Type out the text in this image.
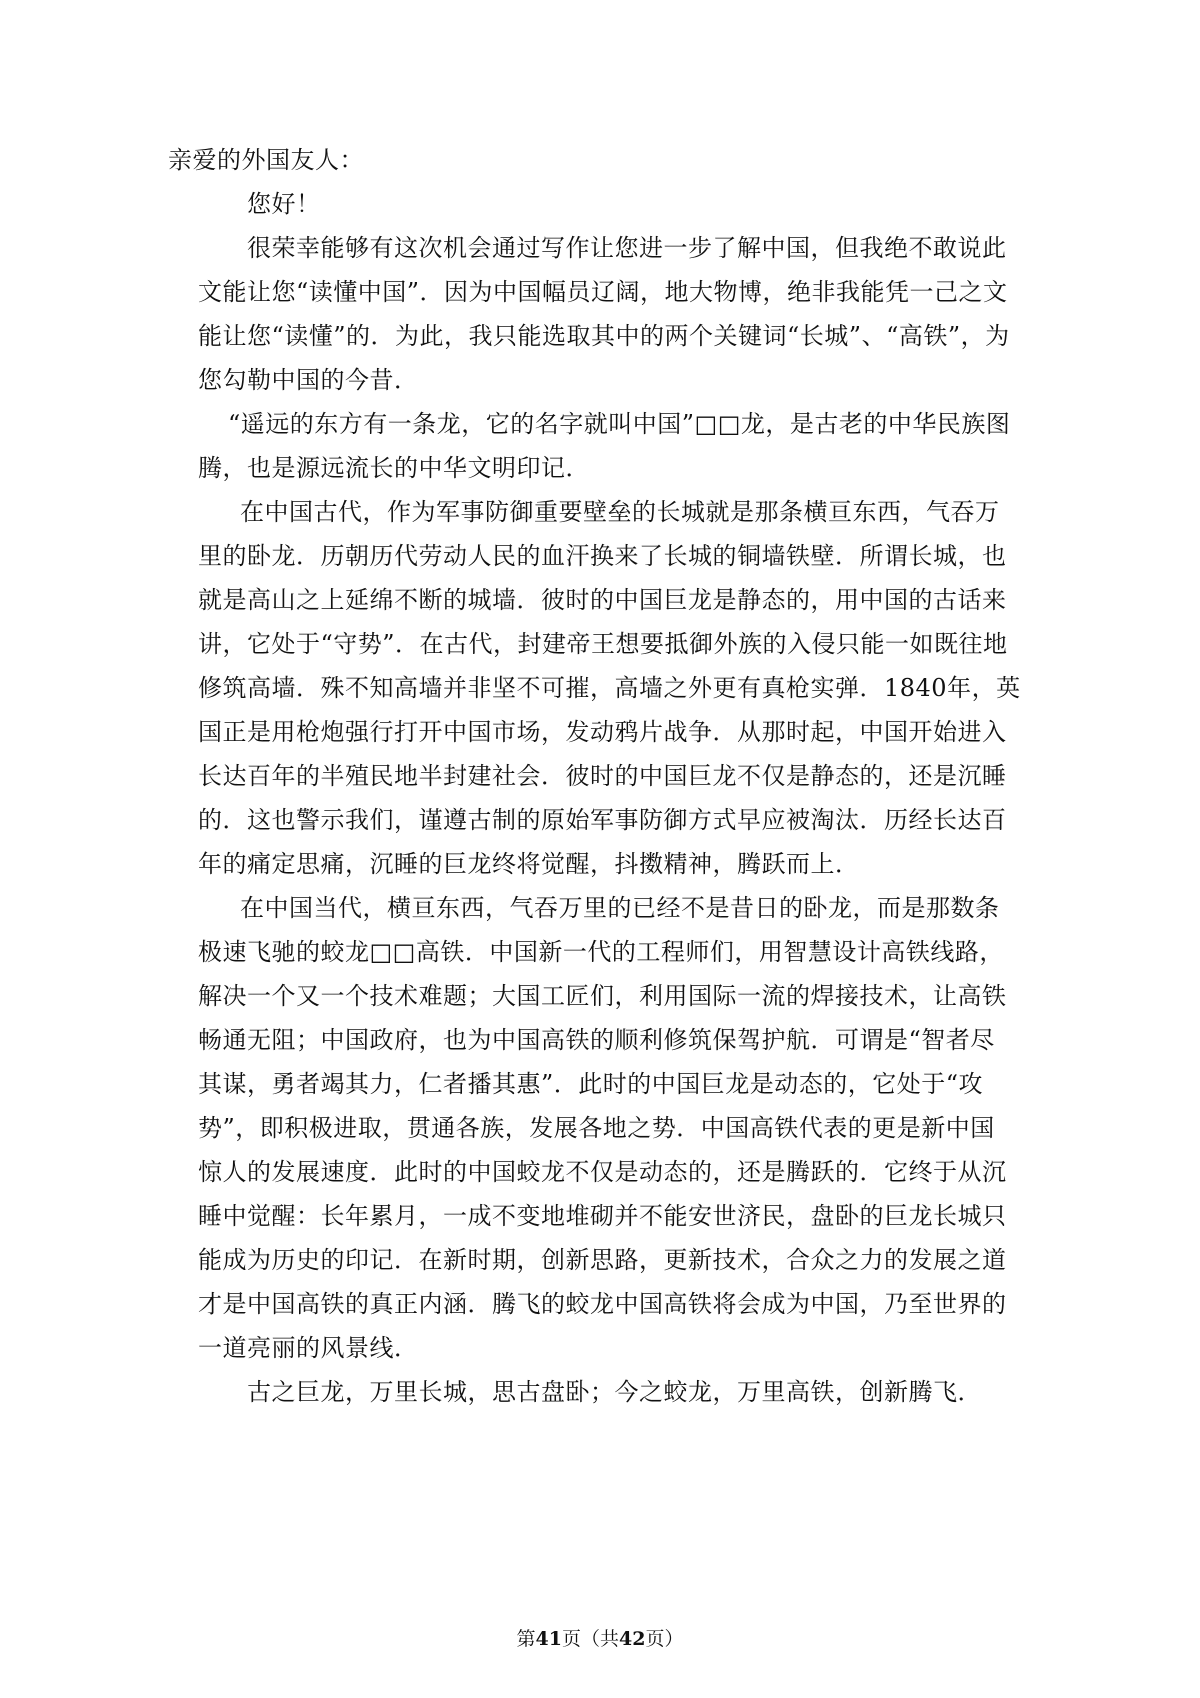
亲爱的外国友人：
您好！
很荣幸能够有这次机会通过写作让您进一步了解中国，但我绝不敢说此
文能让您“读懂中国”．因为中国幅员辽阔，地大物博，绝非我能凭一己之文
能让您“读懂”的．为此，我只能选取其中的两个关键词“长城”、“高铁”，为
您勾勒中国的今昔．
“遥远的东方有一条龙，它的名字就叫中国”□□龙，是古老的中华民族图
腾，也是源远流长的中华文明印记．
在中国古代，作为军事防御重要壁垒的长城就是那条横亘东西，气吞万
里的卧龙．历朝历代劳动人民的血汗换来了长城的铜墙铁壁．所谓长城，也
就是高山之上延绵不断的城墙．彼时的中国巨龙是静态的，用中国的古话来
讲，它处于“守势”．在古代，封建帝王想要抵御外族的入侵只能一如既往地
修筑高墙．殊不知高墙并非坚不可摧，高墙之外更有真枪实弹．1840年，英
国正是用枪炮强行打开中国市场，发动鸦片战争．从那时起，中国开始进入
长达百年的半殖民地半封建社会．彼时的中国巨龙不仅是静态的，还是沉睡
的．这也警示我们，谨遵古制的原始军事防御方式早应被淘汰．历经长达百
年的痛定思痛，沉睡的巨龙终将觉醒，抖擞精神，腾跃而上．
在中国当代，横亘东西，气吞万里的已经不是昔日的卧龙，而是那数条
极速飞驰的蛟龙□□高铁．中国新一代的工程师们，用智慧设计高铁线路，
解决一个又一个技术难题；大国工匠们，利用国际一流的焊接技术，让高铁
畅通无阻；中国政府，也为中国高铁的顺利修筑保驾护航．可谓是“智者尽
其谋，勇者竭其力，仁者播其惠”．此时的中国巨龙是动态的，它处于“攻
势”，即积极进取，贯通各族，发展各地之势．中国高铁代表的更是新中国
惊人的发展速度．此时的中国蛟龙不仅是动态的，还是腾跃的．它终于从沉
睡中觉醒：长年累月，一成不变地堆砌并不能安世济民，盘卧的巨龙长城只
能成为历史的印记．在新时期，创新思路，更新技术，合众之力的发展之道
才是中国高铁的真正内涵．腾飞的蛟龙中国高铁将会成为中国，乃至世界的
一道亮丽的风景线．
古之巨龙，万里长城，思古盘卧；今之蛟龙，万里高铁，创新腾飞．
第41页（共42页）
